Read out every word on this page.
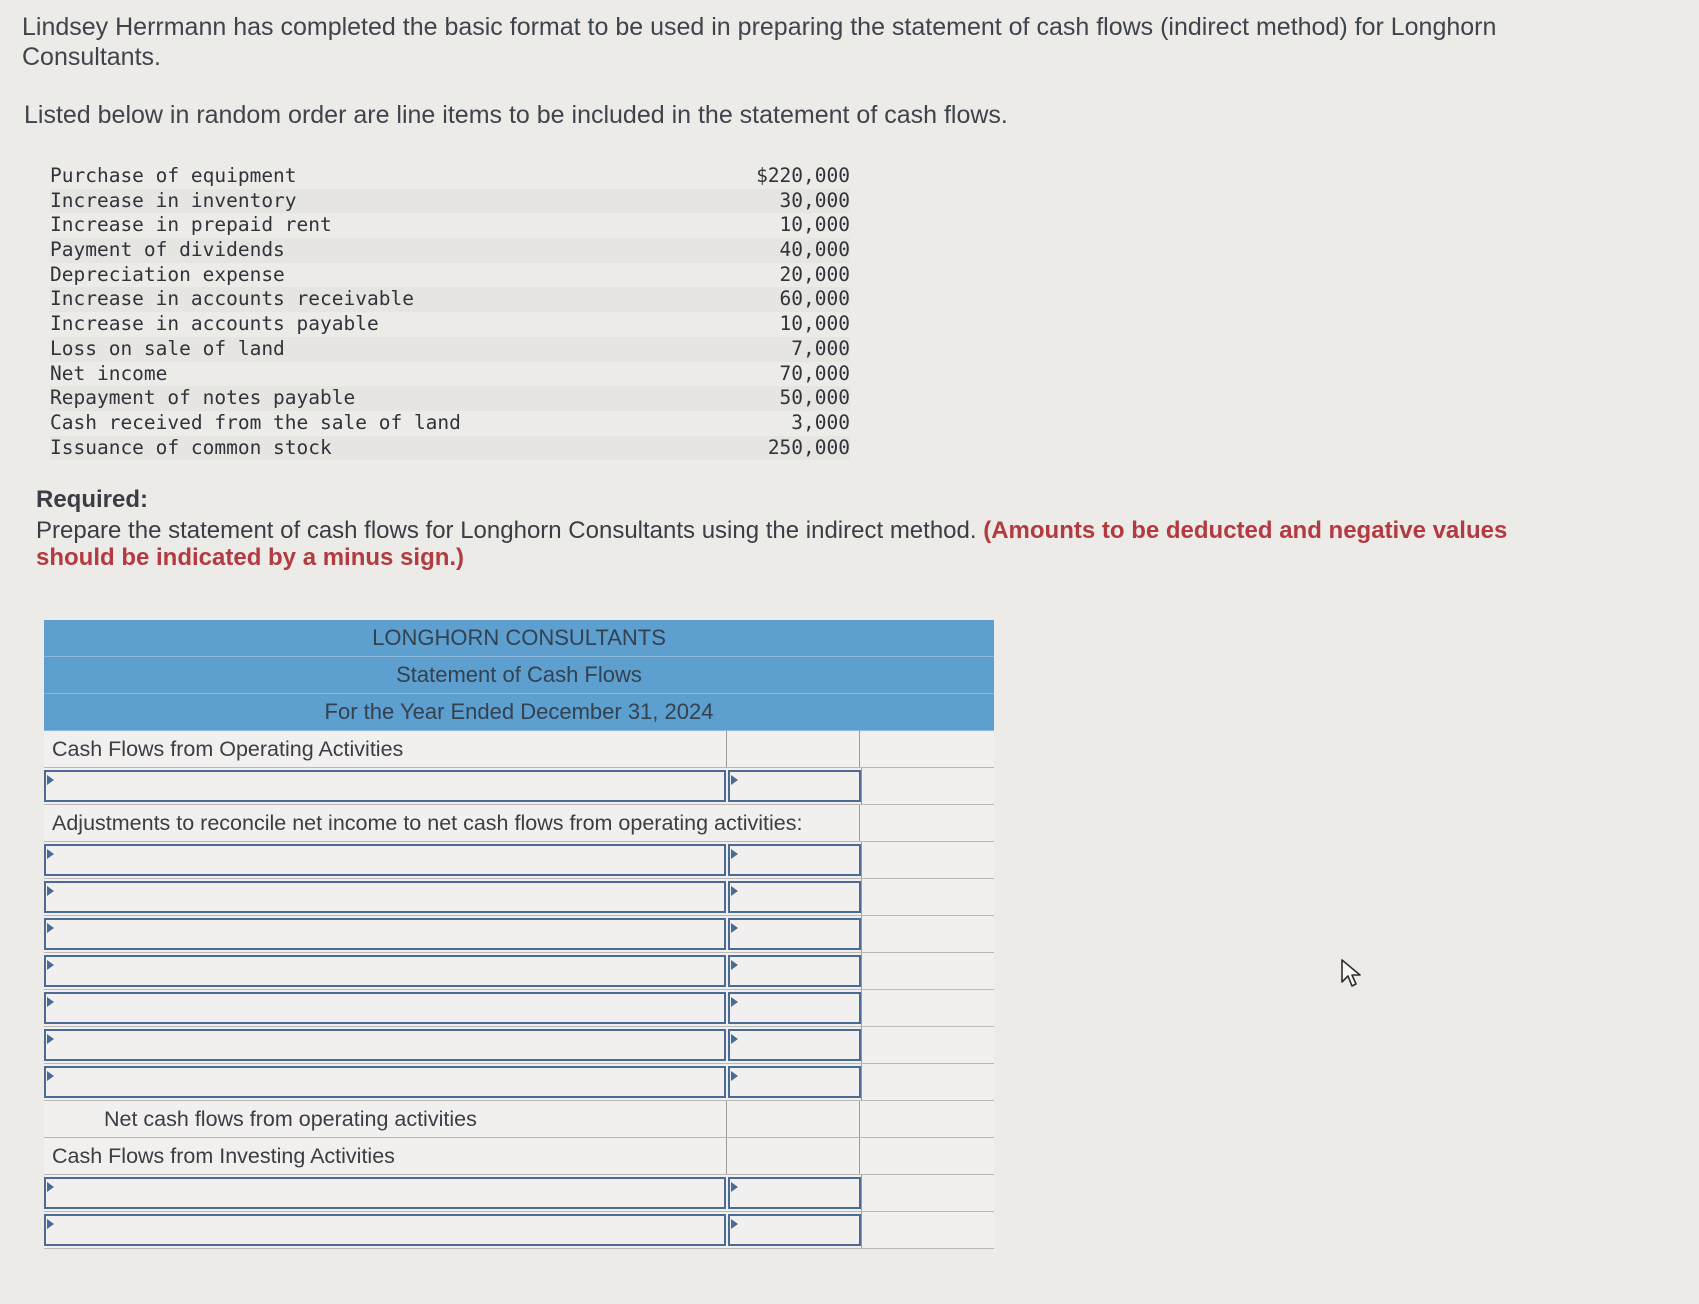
Lindsey Herrmann has completed the basic format to be used in preparing the statement of cash flows (indirect method) for Longhorn Consultants.
Listed below in random order are line items to be included in the statement of cash flows.
Purchase of equipment	$220,000
Increase in inventory	30,000
Increase in prepaid rent	10,000
Payment of dividends	40,000
Depreciation expense	20,000
Increase in accounts receivable	60,000
Increase in accounts payable	10,000
Loss on sale of land	7,000
Net income	70,000
Repayment of notes payable	50,000
Cash received from the sale of land	3,000
Issuance of common stock	250,000
Required:
Prepare the statement of cash flows for Longhorn Consultants using the indirect method. (Amounts to be deducted and negative values should be indicated by a minus sign.)
LONGHORN CONSULTANTS
Statement of Cash Flows
For the Year Ended December 31, 2024
Cash Flows from Operating Activities
Adjustments to reconcile net income to net cash flows from operating activities:
Net cash flows from operating activities
Cash Flows from Investing Activities
